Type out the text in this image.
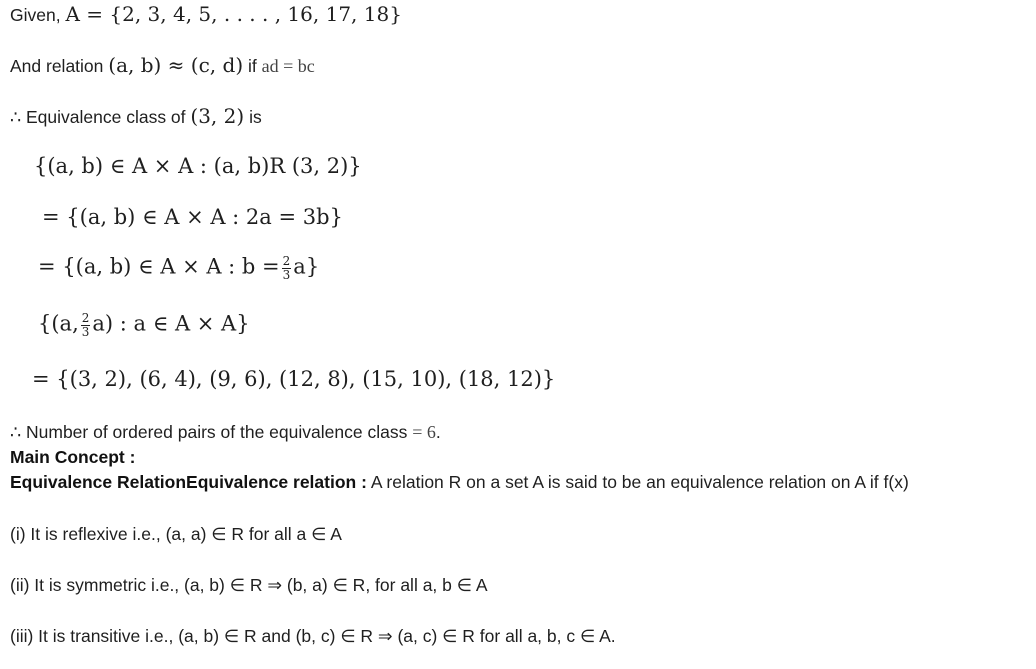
Given, A = {2, 3, 4, 5, . . . . , 16, 17, 18}
And relation (a, b) ≈ (c, d) if ad = bc
∴ Equivalence class of (3, 2) is
{(a, b) ∈ A × A : (a, b)R (3, 2)}
= {(a, b) ∈ A × A : 2a = 3b}
= {(a, b) ∈ A × A : $b = \frac{2}{3} a$}
{(a, $\frac{2}{3} a$) : a ∈ A × A}
= {(3, 2), (6, 4), (9, 6), (12, 8), (15, 10), (18, 12)}
∴ Number of ordered pairs of the equivalence class = 6.
Main Concept :
Equivalence RelationEquivalence relation : A relation R on a set A is said to be an equivalence relation on A if f(x)
(i) It is reflexive i.e., (a, a) ∈ R for all a ∈ A
(ii) It is symmetric i.e., (a, b) ∈ R ⇒ (b, a) ∈ R, for all a, b ∈ A
(iii) It is transitive i.e., (a, b) ∈ R and (b, c) ∈ R ⇒ (a, c) ∈ R for all a, b, c ∈ A.
